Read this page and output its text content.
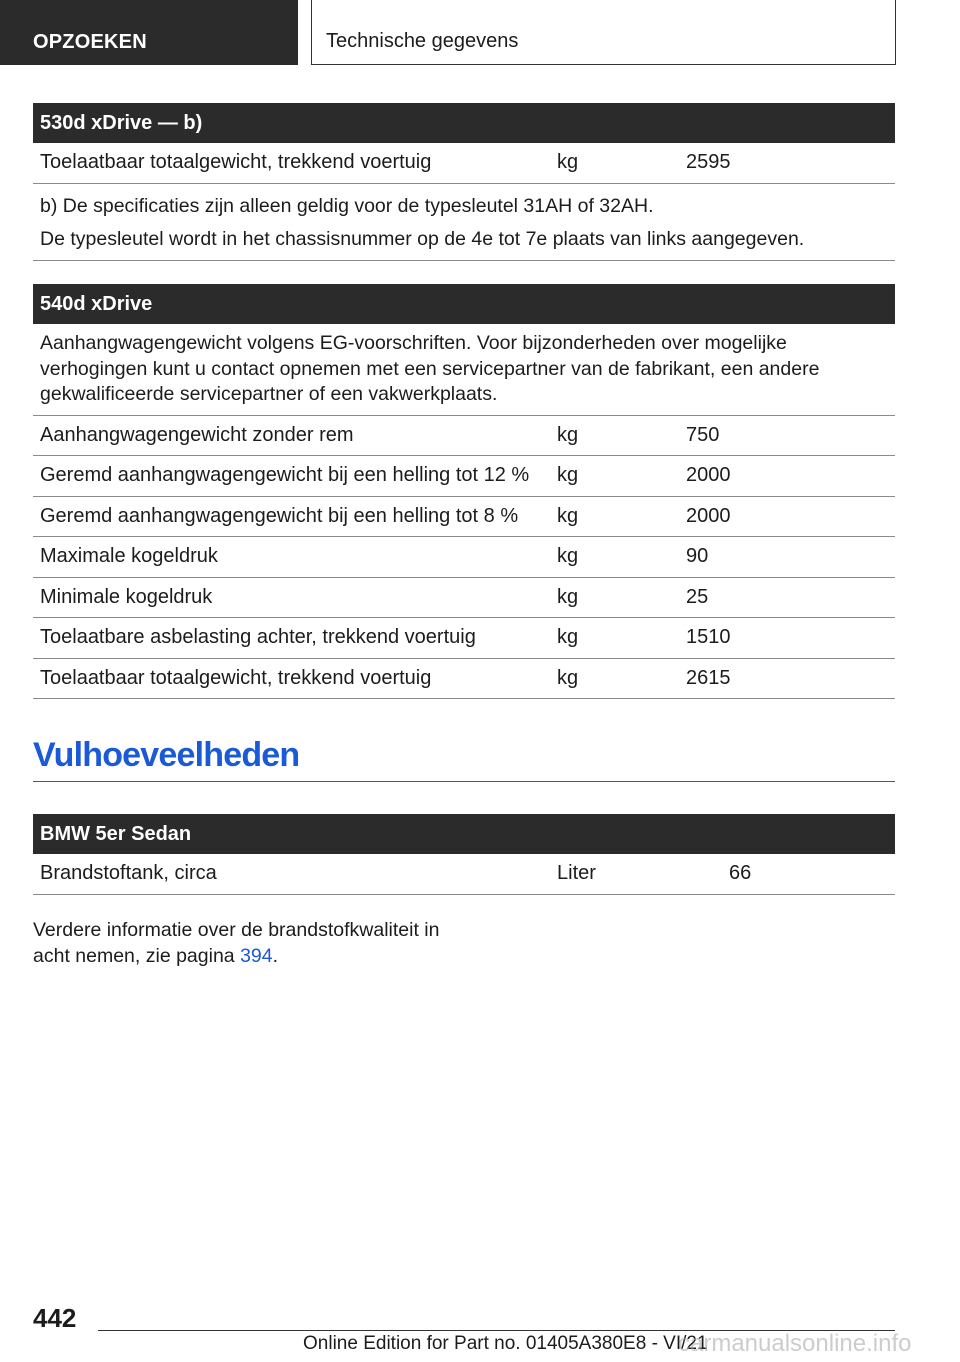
OPZOEKEN	Technische gegevens
530d xDrive — b)
Toelaatbaar totaalgewicht, trekkend voertuig	kg	2595
b) De specificaties zijn alleen geldig voor de typesleutel 31AH of 32AH.
De typesleutel wordt in het chassisnummer op de 4e tot 7e plaats van links aangegeven.
540d xDrive
Aanhangwagengewicht volgens EG-voorschriften. Voor bijzonderheden over mogelijke verhogingen kunt u contact opnemen met een servicepartner van de fabrikant, een andere gekwalificeerde servicepartner of een vakwerkplaats.
Aanhangwagengewicht zonder rem	kg	750
Geremd aanhangwagengewicht bij een helling tot 12 % kg	2000
Geremd aanhangwagengewicht bij een helling tot 8 % kg	2000
Maximale kogeldruk	kg	90
Minimale kogeldruk	kg	25
Toelaatbare asbelasting achter, trekkend voertuig	kg	1510
Toelaatbaar totaalgewicht, trekkend voertuig	kg	2615
Vulhoeveelheden
BMW 5er Sedan
Brandstoftank, circa	Liter	66
Verdere informatie over de brandstofkwaliteit in acht nemen, zie pagina 394.
442
Online Edition for Part no. 01405A380E8 - VI/21
carmanualsonline.info
